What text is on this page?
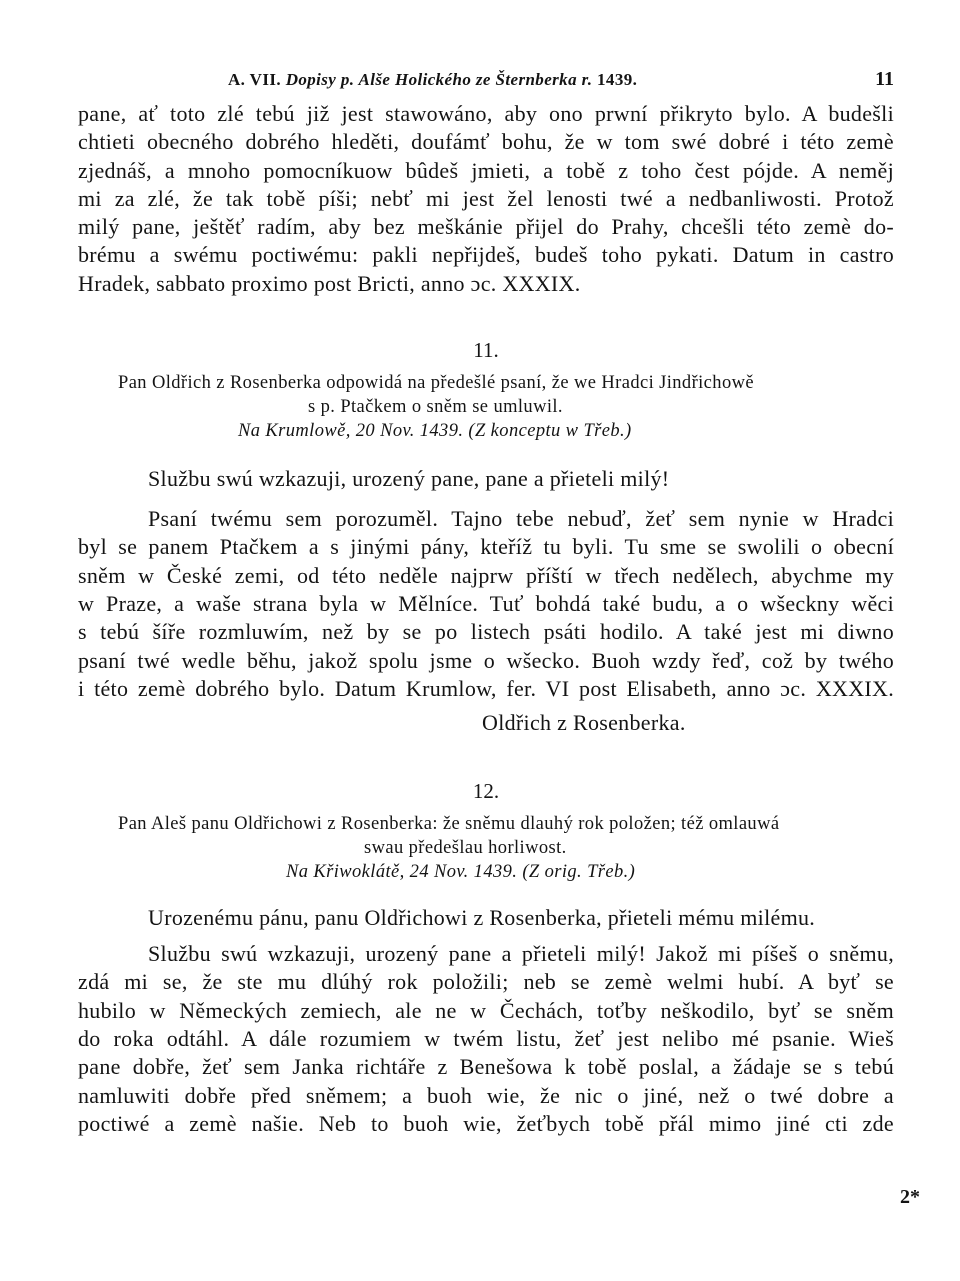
A. VII. Dopisy p. Alše Holického ze Šternberka r. 1439.	11
pane, ať toto zlé tebú již jest stawowáno, aby ono prwní přikryto bylo. A budešli
chtieti obecného dobrého hleděti, doufámť bohu, že w tom swé dobré i této zemè
zjednáš, a mnoho pomocníkuow bûdeš jmieti, a tobě z toho čest pójde. A neměj
mi za zlé, že tak tobě píši; nebť mi jest žel lenosti twé a nedbanliwosti. Protož
milý pane, ještěť radím, aby bez meškánie přijel do Prahy, chcešli této zemè do-
brému a swému poctiwému: pakli nepřijdeš, budeš toho pykati. Datum in castro
Hradek, sabbato proximo post Bricti, anno ɔc. XXXIX.
11.
Pan Oldřich z Rosenberka odpowidá na předešlé psaní, že we Hradci Jindřichowě
s p. Ptačkem o sněm se umluwil.
Na Krumlowě, 20 Nov. 1439. (Z konceptu w Třeb.)
Službu swú wzkazuji, urozený pane, pane a přieteli milý!
Psaní twému sem porozuměl. Tajno tebe nebuď, žeť sem nynie w Hradci
byl se panem Ptačkem a s jinými pány, kteříž tu byli. Tu sme se swolili o obecní
sněm w České zemi, od této neděle najprw příští w třech nedělech, abychme my
w Praze, a waše strana byla w Mělníce. Tuť bohdá také budu, a o wšeckny wěci
s tebú šíře rozmluwím, než by se po listech psáti hodilo. A také jest mi diwno
psaní twé wedle běhu, jakož spolu jsme o wšecko. Buoh wzdy řeď, což by twého
i této zemè dobrého bylo. Datum Krumlow, fer. VI post Elisabeth, anno ɔc. XXXIX.
Oldřich z Rosenberka.
12.
Pan Aleš panu Oldřichowi z Rosenberka: že sněmu dlauhý rok položen; též omlauwá
swau předešlau horliwost.
Na Křiwoklátě, 24 Nov. 1439. (Z orig. Třeb.)
Urozenému pánu, panu Oldřichowi z Rosenberka, přieteli mému milému.
Službu swú wzkazuji, urozený pane a přieteli milý! Jakož mi píšeš o sněmu,
zdá mi se, že ste mu dlúhý rok položili; neb se zemè welmi hubí. A byť se
hubilo w Německých zemiech, ale ne w Čechách, toťby neškodilo, byť se sněm
do roka odtáhl. A dále rozumiem w twém listu, žeť jest nelibo mé psanie. Wieš
pane dobře, žeť sem Janka richtáře z Benešowa k tobě poslal, a žádaje se s tebú
namluwiti dobře před sněmem; a buoh wie, že nic o jiné, než o twé dobre a
poctiwé a zemè našie. Neb to buoh wie, žeťbych tobě přál mimo jiné cti zde
2*
